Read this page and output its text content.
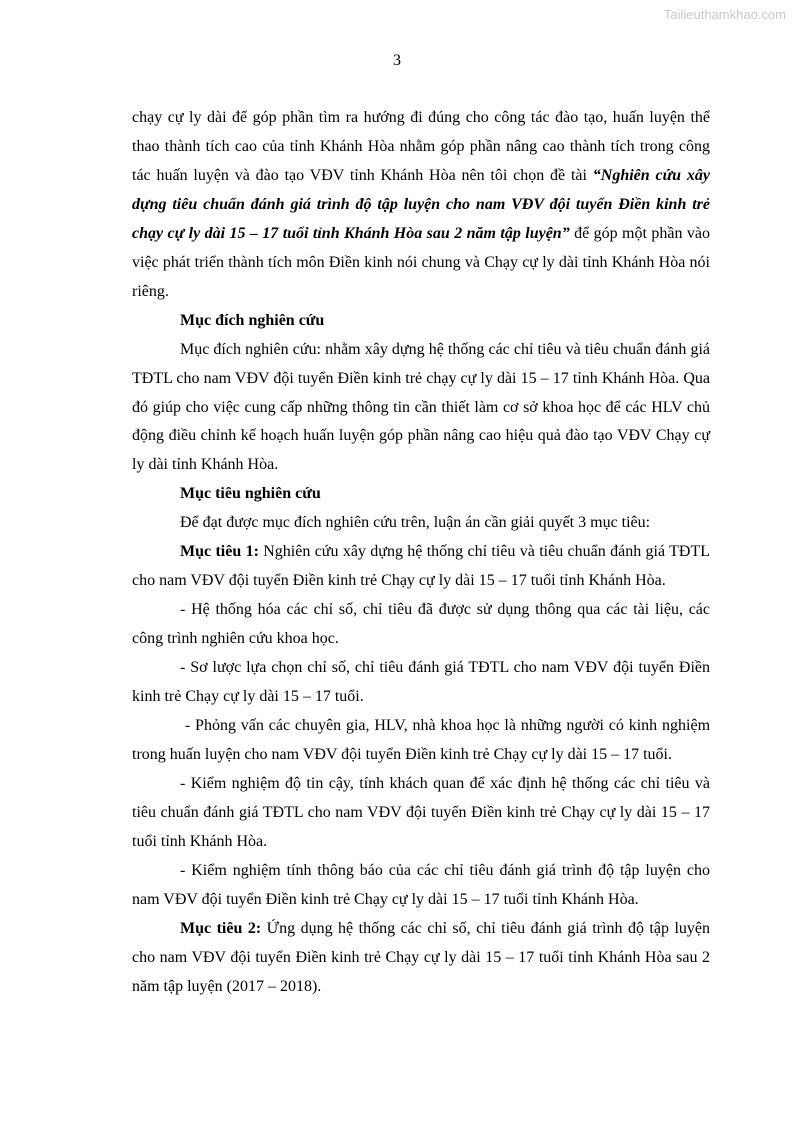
Tailieuthamkhao.com
3

chạy cự ly dài để góp phần tìm ra hướng đi đúng cho công tác đào tạo, huấn luyện thể thao thành tích cao của tỉnh Khánh Hòa nhằm góp phần nâng cao thành tích trong công tác huấn luyện và đào tạo VĐV tỉnh Khánh Hòa nên tôi chọn đề tài “Nghiên cứu xây dựng tiêu chuẩn đánh giá trình độ tập luyện cho nam VĐV đội tuyển Điền kinh trẻ chạy cự ly dài 15 – 17 tuổi tỉnh Khánh Hòa sau 2 năm tập luyện” để góp một phần vào việc phát triển thành tích môn Điền kinh nói chung và Chạy cự ly dài tỉnh Khánh Hòa nói riêng.

Mục đích nghiên cứu

Mục đích nghiên cứu: nhằm xây dựng hệ thống các chỉ tiêu và tiêu chuẩn đánh giá TĐTL cho nam VĐV đội tuyển Điền kinh trẻ chạy cự ly dài 15 – 17 tỉnh Khánh Hòa. Qua đó giúp cho việc cung cấp những thông tin cần thiết làm cơ sở khoa học để các HLV chủ động điều chỉnh kế hoạch huấn luyện góp phần nâng cao hiệu quả đào tạo VĐV Chạy cự ly dài tỉnh Khánh Hòa.

Mục tiêu nghiên cứu

Để đạt được mục đích nghiên cứu trên, luận án cần giải quyết 3 mục tiêu:

Mục tiêu 1: Nghiên cứu xây dựng hệ thống chỉ tiêu và tiêu chuẩn đánh giá TĐTL cho nam VĐV đội tuyển Điền kinh trẻ Chạy cự ly dài 15 – 17 tuổi tỉnh Khánh Hòa.

- Hệ thống hóa các chỉ số, chỉ tiêu đã được sử dụng thông qua các tài liệu, các công trình nghiên cứu khoa học.

- Sơ lược lựa chọn chỉ số, chỉ tiêu đánh giá TĐTL cho nam VĐV đội tuyển Điền kinh trẻ Chạy cự ly dài 15 – 17 tuổi.

- Phỏng vấn các chuyên gia, HLV, nhà khoa học là những người có kinh nghiệm trong huấn luyện cho nam VĐV đội tuyển Điền kinh trẻ Chạy cự ly dài 15 – 17 tuổi.

- Kiểm nghiệm độ tin cậy, tính khách quan để xác định hệ thống các chỉ tiêu và tiêu chuẩn đánh giá TĐTL cho nam VĐV đội tuyển Điền kinh trẻ Chạy cự ly dài 15 – 17 tuổi tỉnh Khánh Hòa.

- Kiểm nghiệm tính thông báo của các chỉ tiêu đánh giá trình độ tập luyện cho nam VĐV đội tuyển Điền kinh trẻ Chạy cự ly dài 15 – 17 tuổi tỉnh Khánh Hòa.

Mục tiêu 2: Ứng dụng hệ thống các chỉ số, chỉ tiêu đánh giá trình độ tập luyện cho nam VĐV đội tuyển Điền kinh trẻ Chạy cự ly dài 15 – 17 tuổi tỉnh Khánh Hòa sau 2 năm tập luyện (2017 – 2018).
